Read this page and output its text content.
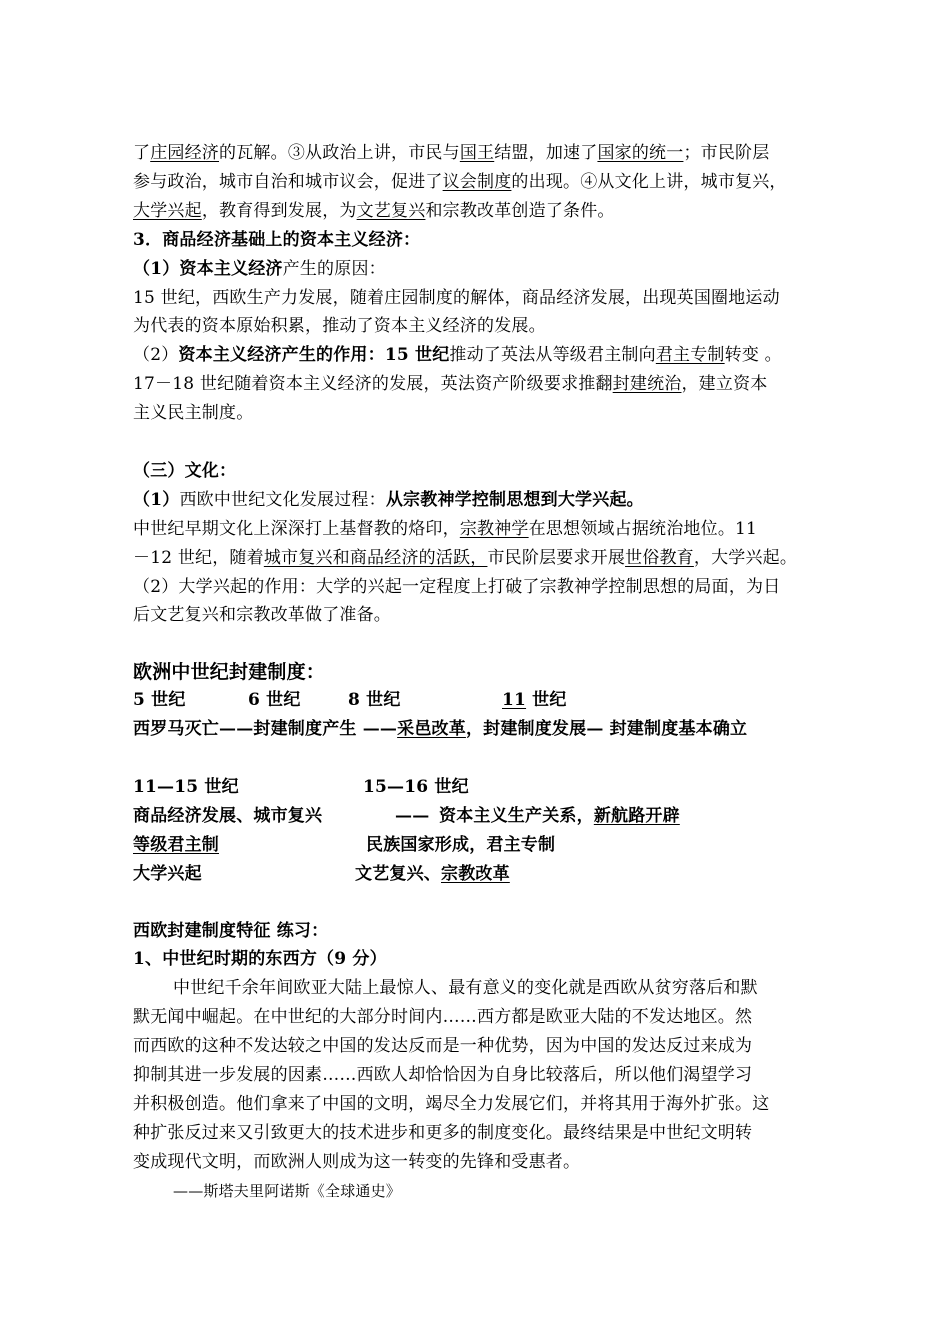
了庄园经济的瓦解。③从政治上讲，市民与国王结盟，加速了国家的统一；市民阶层
参与政治，城市自治和城市议会，促进了议会制度的出现。④从文化上讲，城市复兴，
大学兴起，教育得到发展，为文艺复兴和宗教改革创造了条件。
3．商品经济基础上的资本主义经济：
（1）资本主义经济产生的原因：
15 世纪，西欧生产力发展，随着庄园制度的解体，商品经济发展，出现英国圈地运动
为代表的资本原始积累，推动了资本主义经济的发展。
（2）资本主义经济产生的作用：15 世纪推动了英法从等级君主制向君主专制转变 。
17－18 世纪随着资本主义经济的发展，英法资产阶级要求推翻封建统治，建立资本
主义民主制度。
（三）文化：
（1）西欧中世纪文化发展过程：从宗教神学控制思想到大学兴起。
中世纪早期文化上深深打上基督教的烙印，宗教神学在思想领域占据统治地位。11
－12 世纪，随着城市复兴和商品经济的活跃，市民阶层要求开展世俗教育，大学兴起。
（2）大学兴起的作用：大学的兴起一定程度上打破了宗教神学控制思想的局面，为日
后文艺复兴和宗教改革做了准备。
欧洲中世纪封建制度：
5 世纪	6 世纪	8 世纪	11 世纪
西罗马灭亡——封建制度产生 ——采邑改革，封建制度发展— 封建制度基本确立
11—15 世纪	15—16 世纪
商品经济发展、城市复兴	—— 资本主义生产关系，新航路开辟
等级君主制	民族国家形成，君主专制
大学兴起	文艺复兴、宗教改革
西欧封建制度特征 练习：
1、中世纪时期的东西方（9 分）
中世纪千余年间欧亚大陆上最惊人、最有意义的变化就是西欧从贫穷落后和默
默无闻中崛起。在中世纪的大部分时间内……西方都是欧亚大陆的不发达地区。然
而西欧的这种不发达较之中国的发达反而是一种优势，因为中国的发达反过来成为
抑制其进一步发展的因素……西欧人却恰恰因为自身比较落后，所以他们渴望学习
并积极创造。他们拿来了中国的文明，竭尽全力发展它们，并将其用于海外扩张。这
种扩张反过来又引致更大的技术进步和更多的制度变化。最终结果是中世纪文明转
变成现代文明，而欧洲人则成为这一转变的先锋和受惠者。
——斯塔夫里阿诺斯《全球通史》
